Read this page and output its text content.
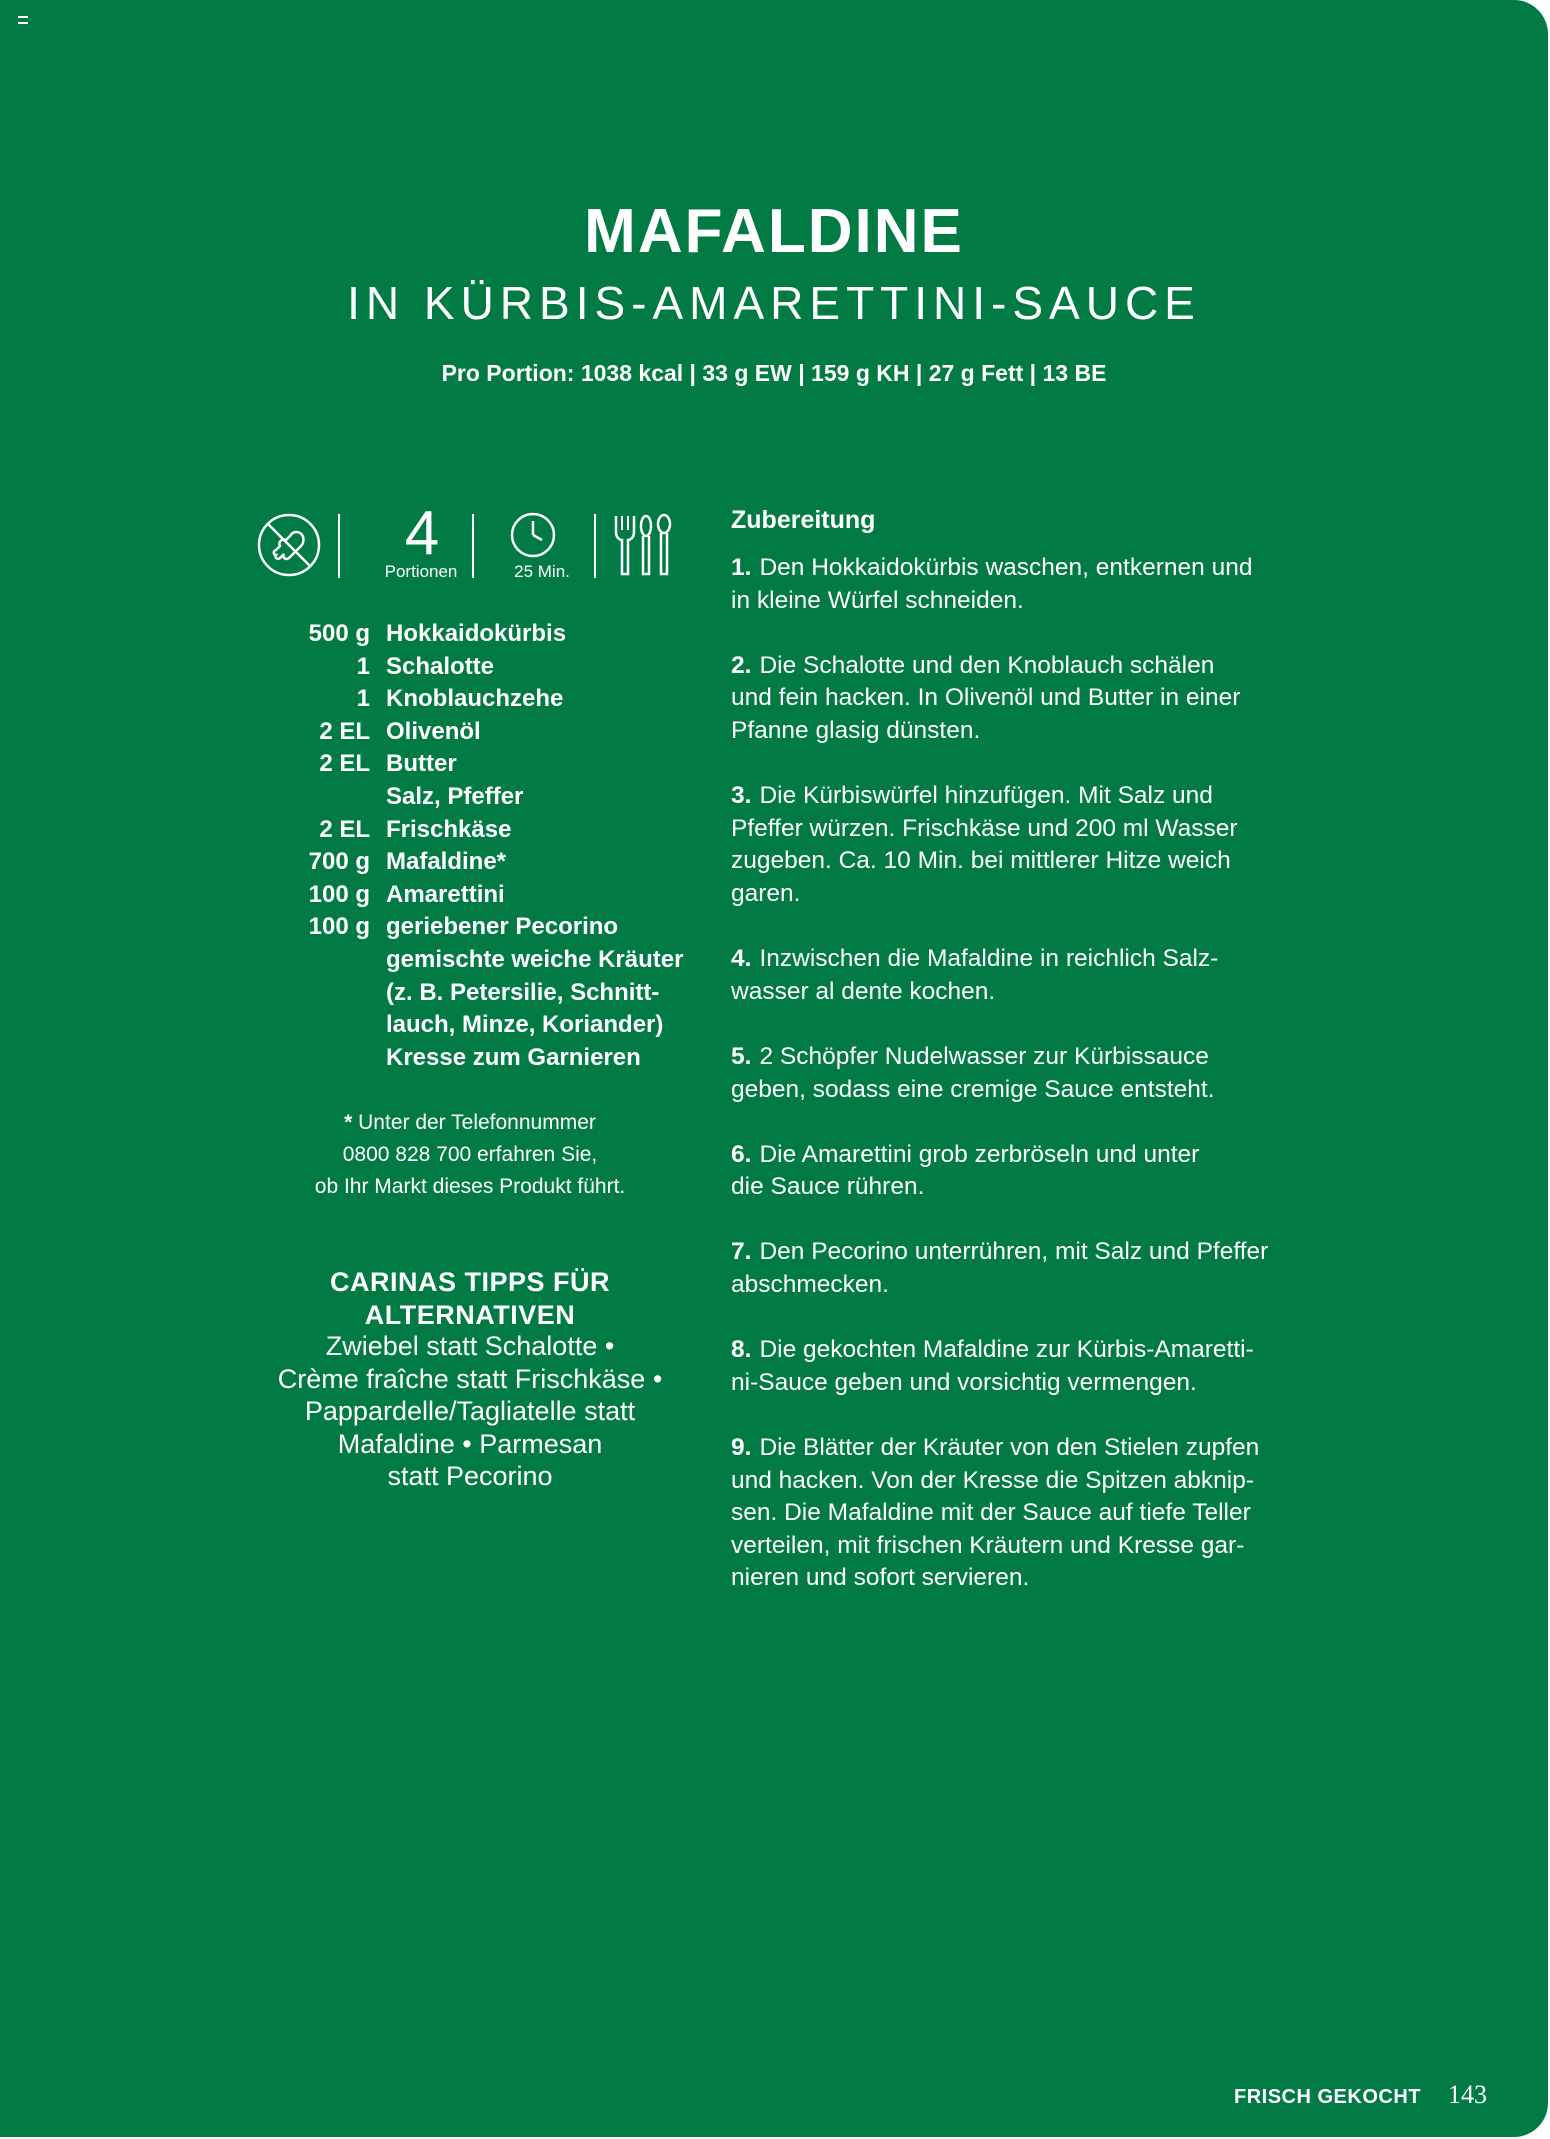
MAFALDINE
IN KÜRBIS-AMARETTINI-SAUCE
Pro Portion: 1038 kcal | 33 g EW | 159 g KH | 27 g Fett | 13 BE
4
Portionen	25 Min.
500 g Hokkaidokürbis
1 Schalotte
1 Knoblauchzehe
2 EL Olivenöl
2 EL Butter
Salz, Pfeffer
2 EL Frischkäse
700 g Mafaldine*
100 g Amarettini
100 g geriebener Pecorino
gemischte weiche Kräuter
(z. B. Petersilie, Schnitt-
lauch, Minze, Koriander)
Kresse zum Garnieren
* Unter der Telefonnummer
0800 828 700 erfahren Sie,
ob Ihr Markt dieses Produkt führt.
CARINAS TIPPS FÜR
ALTERNATIVEN
Zwiebel statt Schalotte •
Crème fraîche statt Frischkäse •
Pappardelle/Tagliatelle statt
Mafaldine • Parmesan
statt Pecorino
Zubereitung
1. Den Hokkaidokürbis waschen, entkernen und
in kleine Würfel schneiden.
2. Die Schalotte und den Knoblauch schälen
und fein hacken. In Olivenöl und Butter in einer
Pfanne glasig dünsten.
3. Die Kürbiswürfel hinzufügen. Mit Salz und
Pfeffer würzen. Frischkäse und 200 ml Wasser
zugeben. Ca. 10 Min. bei mittlerer Hitze weich
garen.
4. Inzwischen die Mafaldine in reichlich Salz-
wasser al dente kochen.
5. 2 Schöpfer Nudelwasser zur Kürbissauce
geben, sodass eine cremige Sauce entsteht.
6. Die Amarettini grob zerbröseln und unter
die Sauce rühren.
7. Den Pecorino unterrühren, mit Salz und Pfeffer
abschmecken.
8. Die gekochten Mafaldine zur Kürbis-Amaretti-
ni-Sauce geben und vorsichtig vermengen.
9. Die Blätter der Kräuter von den Stielen zupfen
und hacken. Von der Kresse die Spitzen abknip-
sen. Die Mafaldine mit der Sauce auf tiefe Teller
verteilen, mit frischen Kräutern und Kresse gar-
nieren und sofort servieren.
FRISCH GEKOCHT 143
